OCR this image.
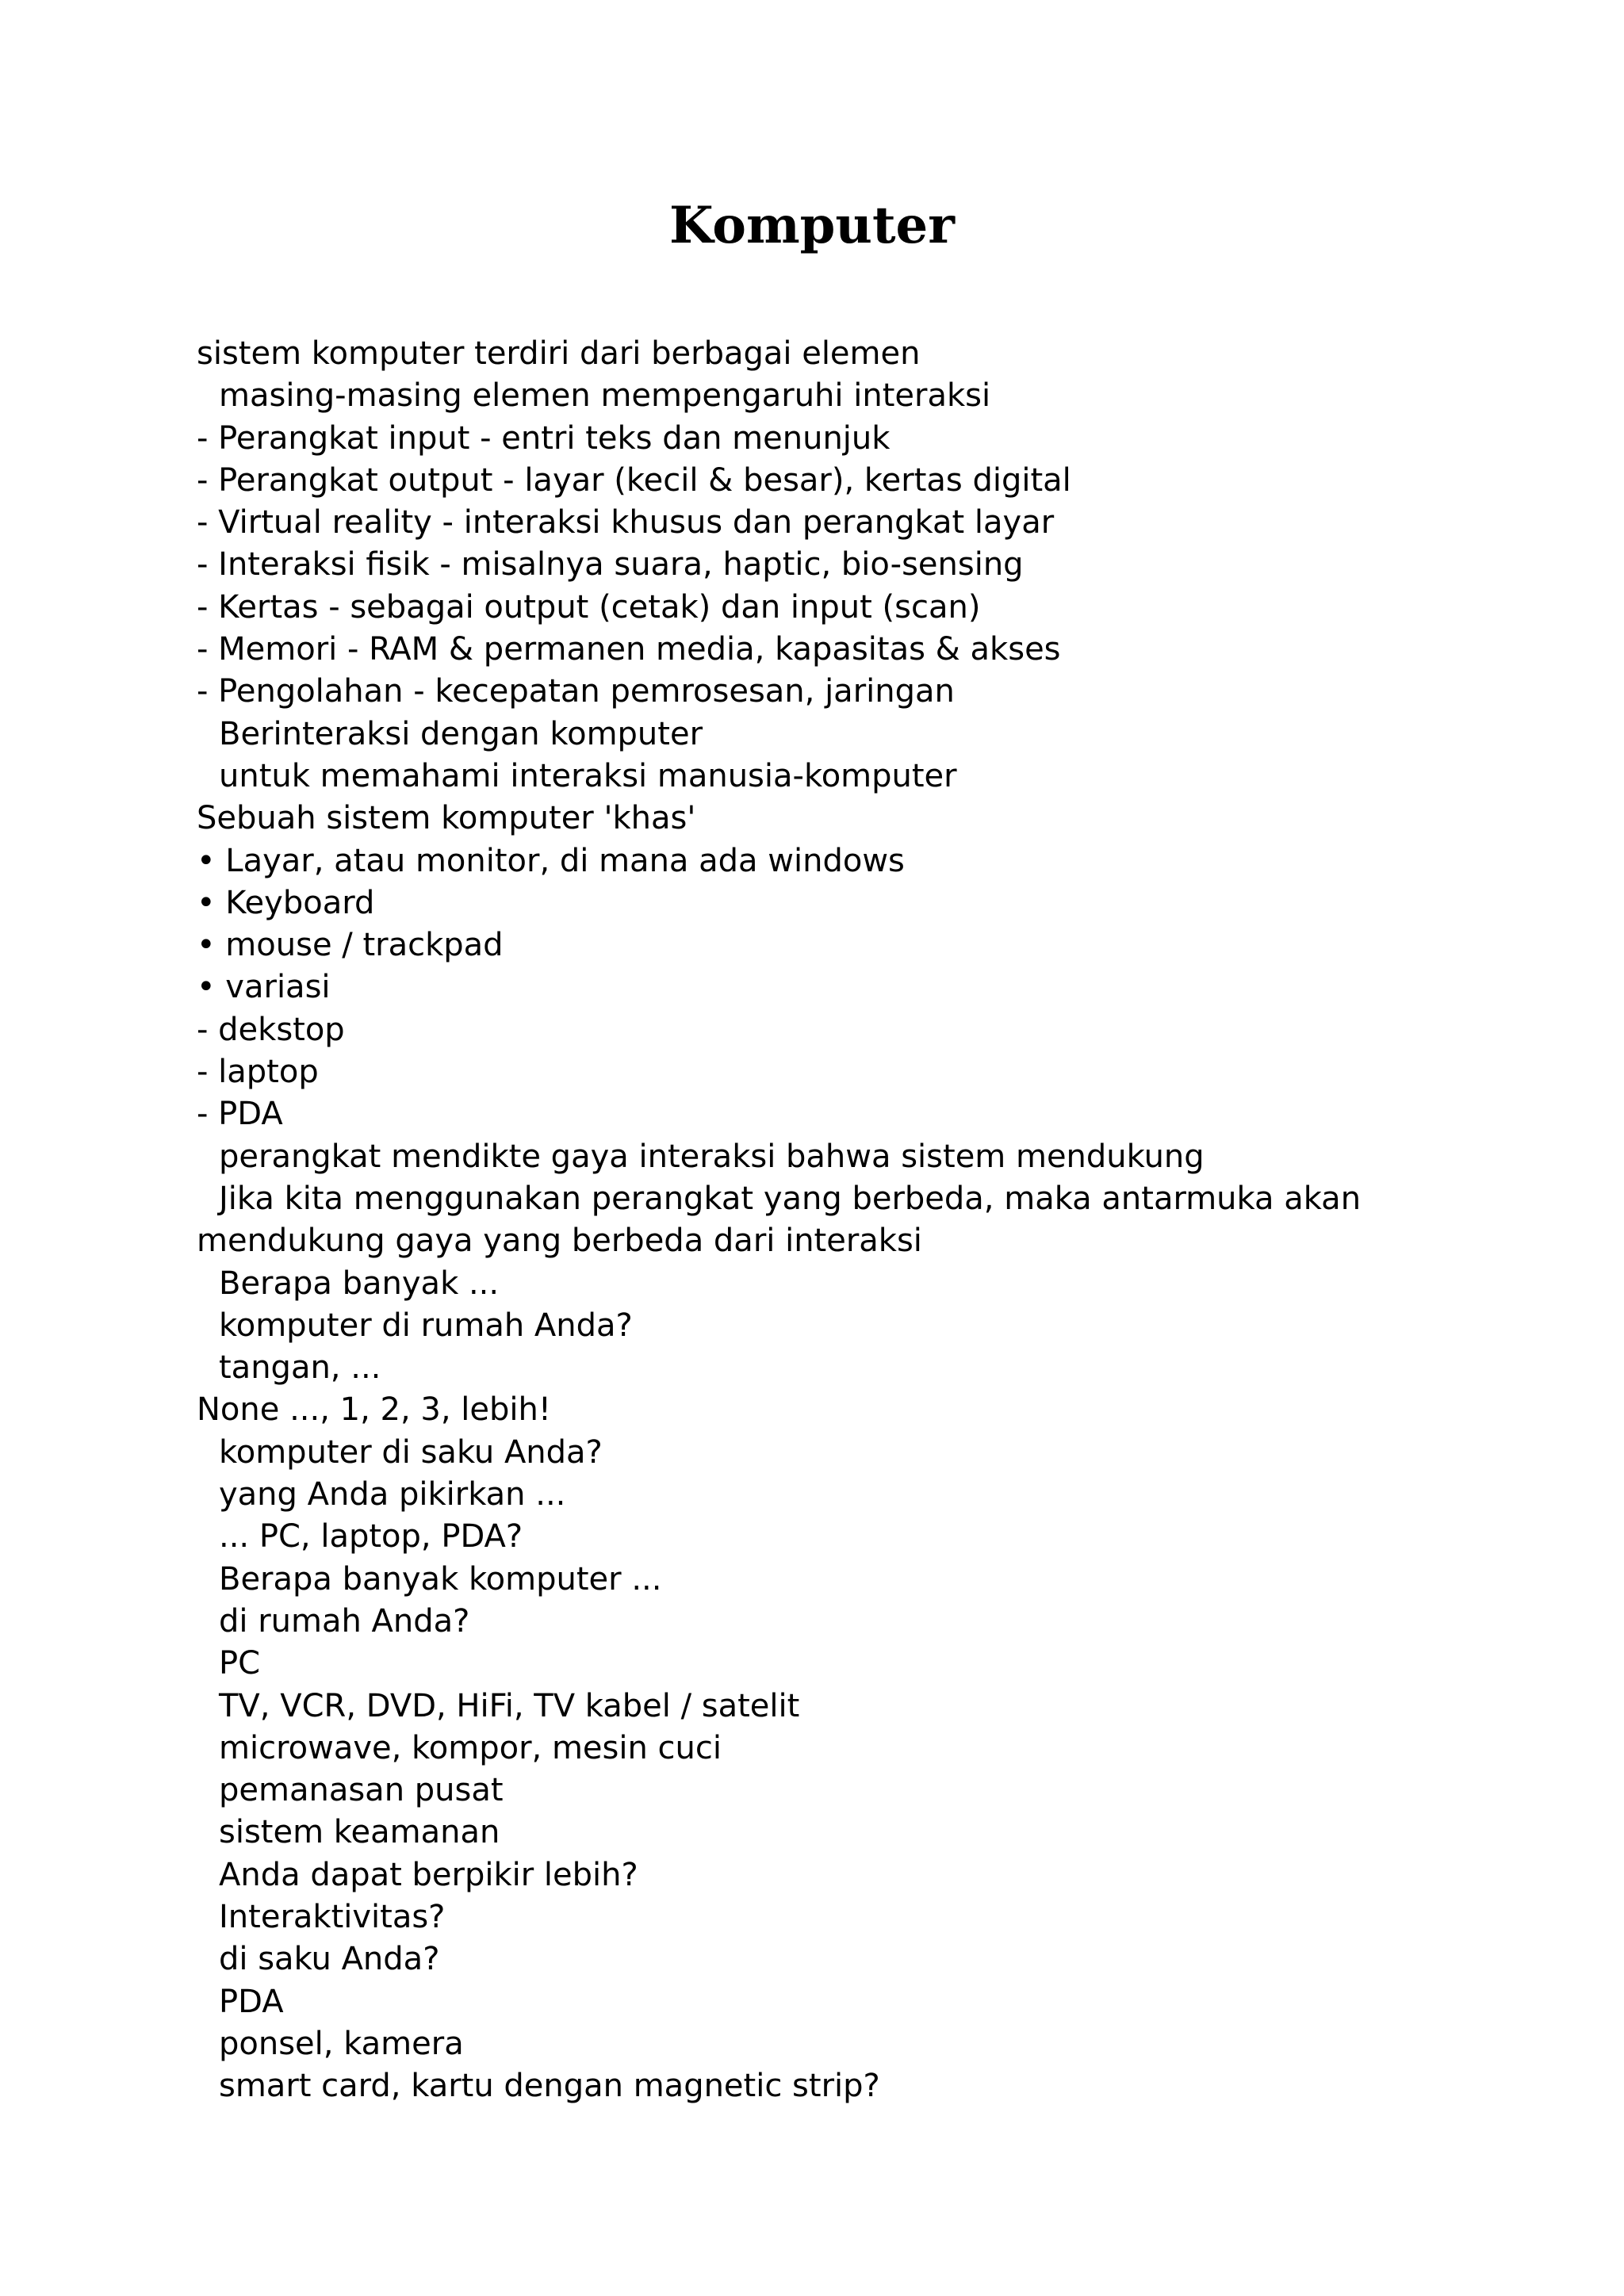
Komputer
sistem komputer terdiri dari berbagai elemen
masing-masing elemen mempengaruhi interaksi
- Perangkat input - entri teks dan menunjuk
- Perangkat output - layar (kecil & besar), kertas digital
- Virtual reality - interaksi khusus dan perangkat layar
- Interaksi fisik - misalnya suara, haptic, bio-sensing
- Kertas - sebagai output (cetak) dan input (scan)
- Memori - RAM & permanen media, kapasitas & akses
- Pengolahan - kecepatan pemrosesan, jaringan
Berinteraksi dengan komputer
untuk memahami interaksi manusia-komputer
Sebuah sistem komputer 'khas'
• Layar, atau monitor, di mana ada windows
• Keyboard
• mouse / trackpad
• variasi
- dekstop
- laptop
- PDA
perangkat mendikte gaya interaksi bahwa sistem mendukung
Jika kita menggunakan perangkat yang berbeda, maka antarmuka akan
mendukung gaya yang berbeda dari interaksi
Berapa banyak ...
komputer di rumah Anda?
tangan, ...
None ..., 1, 2, 3, lebih!
komputer di saku Anda?
yang Anda pikirkan ...
... PC, laptop, PDA?
Berapa banyak komputer ...
di rumah Anda?
PC
TV, VCR, DVD, HiFi, TV kabel / satelit
microwave, kompor, mesin cuci
pemanasan pusat
sistem keamanan
Anda dapat berpikir lebih?
Interaktivitas?
di saku Anda?
PDA
ponsel, kamera
smart card, kartu dengan magnetic strip?
